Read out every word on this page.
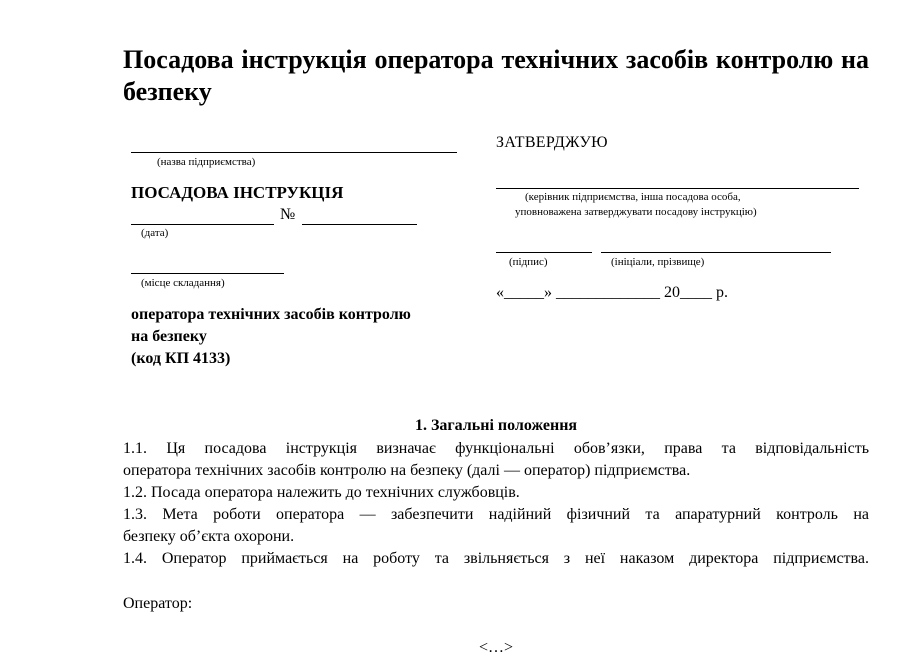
Посадова інструкція оператора технічних засобів контролю на безпеку
(назва підприємства)
ПОСАДОВА ІНСТРУКЦІЯ
№
(дата)
(місце складання)
оператора технічних засобів контролю
на безпеку
(код КП 4133)
ЗАТВЕРДЖУЮ
(керівник підприємства, інша посадова особа,
уповноважена затверджувати посадову інструкцію)
(підпис)	(ініціали, прізвище)
«_____» _____________ 20____ р.
1. Загальні положення
1.1. Ця посадова інструкція визначає функціональні обов’язки, права та відповідальність
оператора технічних засобів контролю на безпеку (далі — оператор) підприємства.
1.2. Посада оператора належить до технічних службовців.
1.3. Мета роботи оператора — забезпечити надійний фізичний та апаратурний контроль на
безпеку об’єкта охорони.
1.4. Оператор приймається на роботу та звільняється з неї наказом директора підприємства.
Оператор:
<…>
